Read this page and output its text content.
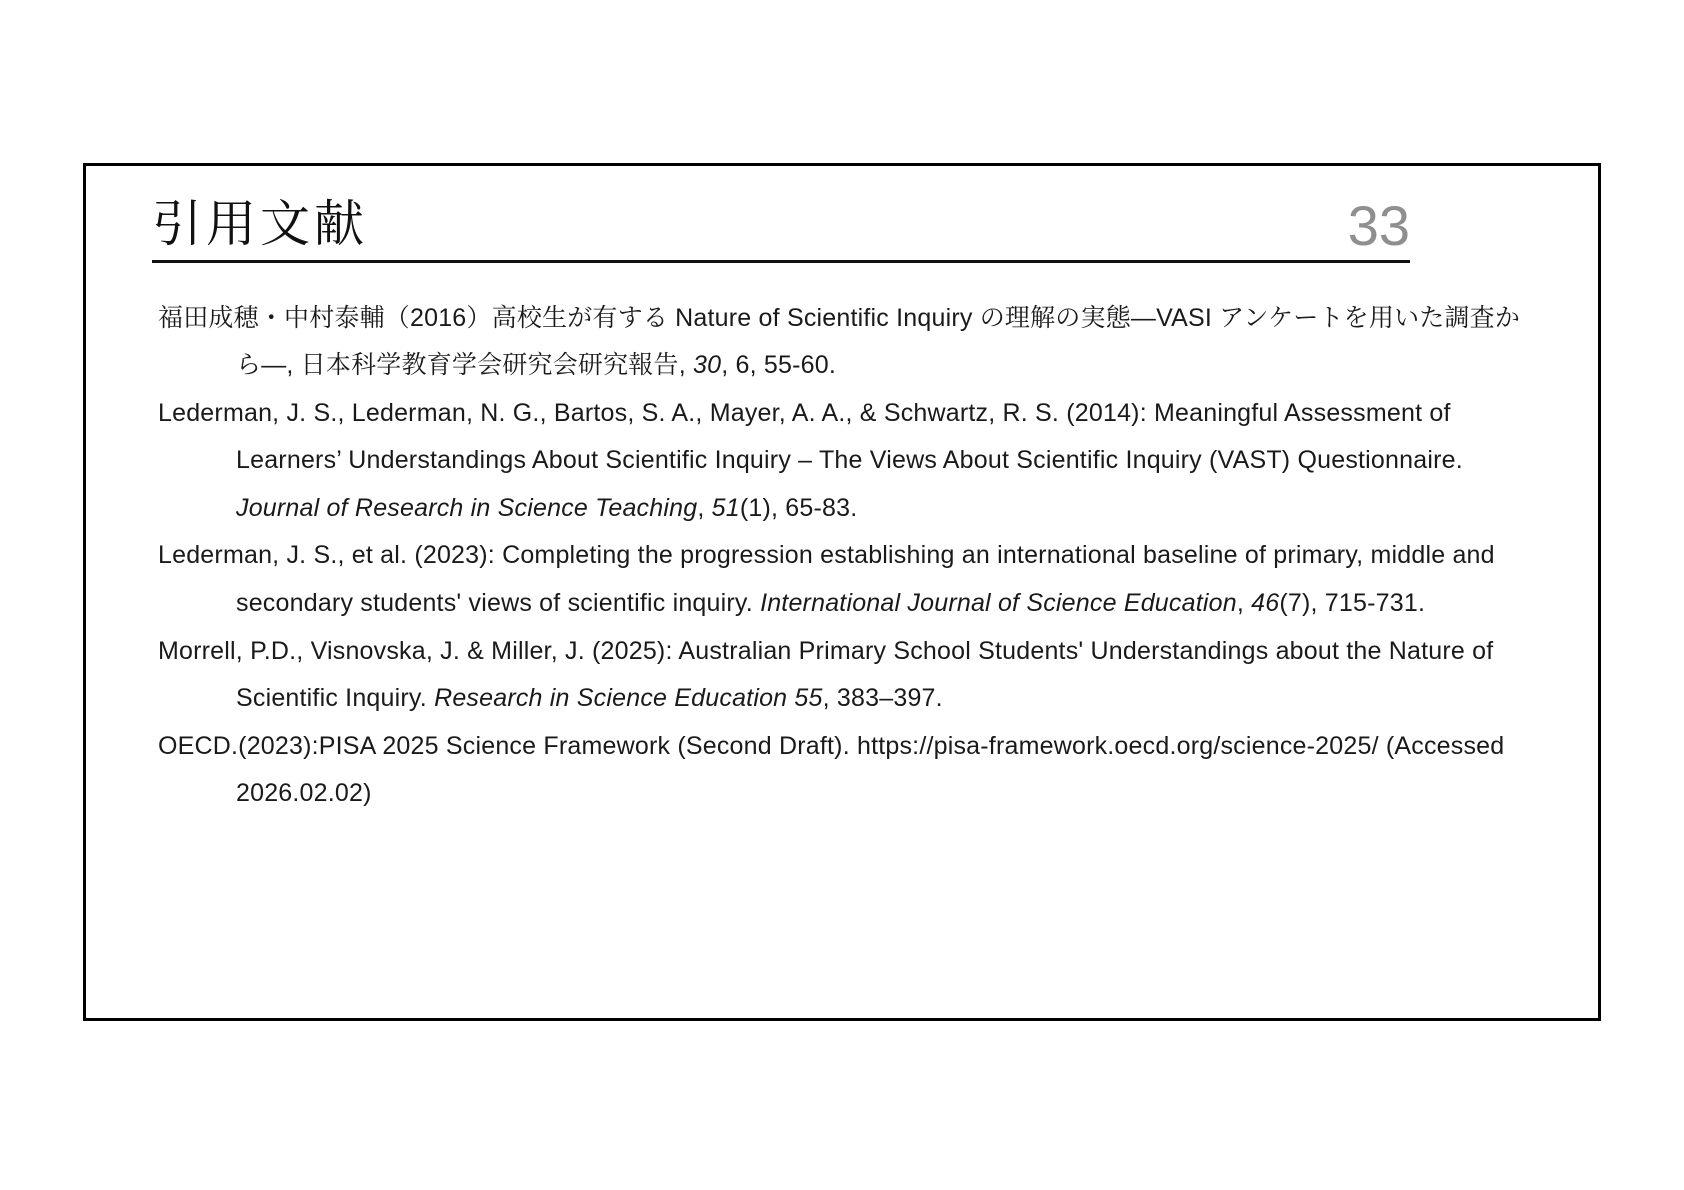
引用文献	33

福田成穂・中村泰輔（2016）高校生が有する Nature of Scientific Inquiry の理解の実態―VASI アンケートを用いた調査から―, 日本科学教育学会研究会研究報告, 30, 6, 55-60.

Lederman, J. S., Lederman, N. G., Bartos, S. A., Mayer, A. A., & Schwartz, R. S. (2014): Meaningful Assessment of Learners’ Understandings About Scientific Inquiry – The Views About Scientific Inquiry (VAST) Questionnaire. Journal of Research in Science Teaching, 51(1), 65-83.

Lederman, J. S., et al. (2023): Completing the progression establishing an international baseline of primary, middle and secondary students' views of scientific inquiry. International Journal of Science Education, 46(7), 715-731.

Morrell, P.D., Visnovska, J. & Miller, J. (2025): Australian Primary School Students' Understandings about the Nature of Scientific Inquiry. Research in Science Education 55, 383–397.

OECD.(2023):PISA 2025 Science Framework (Second Draft). https://pisa-framework.oecd.org/science-2025/ (Accessed 2026.02.02)
